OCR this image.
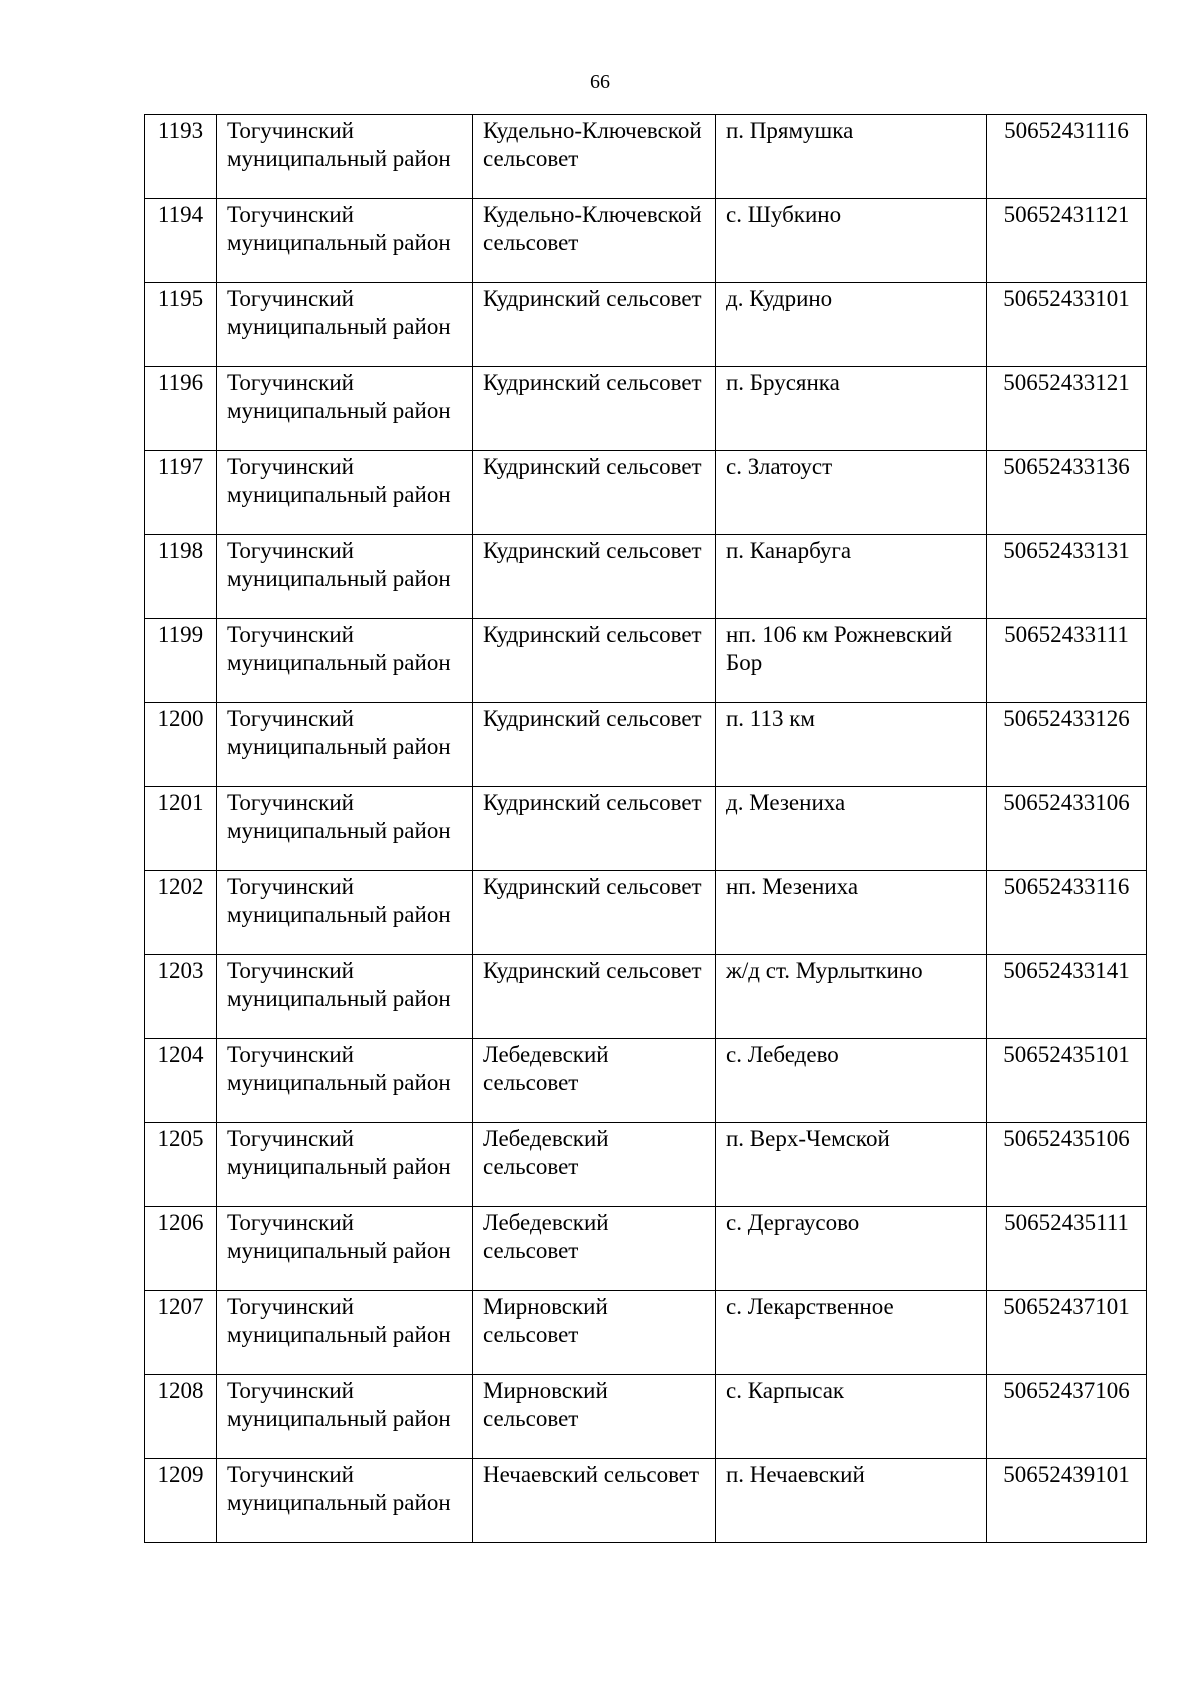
66
1193	Тогучинский муниципальный район	Кудельно-Ключевской сельсовет	п. Прямушка	50652431116
1194	Тогучинский муниципальный район	Кудельно-Ключевской сельсовет	с. Шубкино	50652431121
1195	Тогучинский муниципальный район	Кудринский сельсовет	д. Кудрино	50652433101
1196	Тогучинский муниципальный район	Кудринский сельсовет	п. Брусянка	50652433121
1197	Тогучинский муниципальный район	Кудринский сельсовет	с. Златоуст	50652433136
1198	Тогучинский муниципальный район	Кудринский сельсовет	п. Канарбуга	50652433131
1199	Тогучинский муниципальный район	Кудринский сельсовет	нп. 106 км Рожневский Бор	50652433111
1200	Тогучинский муниципальный район	Кудринский сельсовет	п. 113 км	50652433126
1201	Тогучинский муниципальный район	Кудринский сельсовет	д. Мезениха	50652433106
1202	Тогучинский муниципальный район	Кудринский сельсовет	нп. Мезениха	50652433116
1203	Тогучинский муниципальный район	Кудринский сельсовет	ж/д ст. Мурлыткино	50652433141
1204	Тогучинский муниципальный район	Лебедевский сельсовет	с. Лебедево	50652435101
1205	Тогучинский муниципальный район	Лебедевский сельсовет	п. Верх-Чемской	50652435106
1206	Тогучинский муниципальный район	Лебедевский сельсовет	с. Дергаусово	50652435111
1207	Тогучинский муниципальный район	Мирновский сельсовет	с. Лекарственное	50652437101
1208	Тогучинский муниципальный район	Мирновский сельсовет	с. Карпысак	50652437106
1209	Тогучинский муниципальный район	Нечаевский сельсовет	п. Нечаевский	50652439101
